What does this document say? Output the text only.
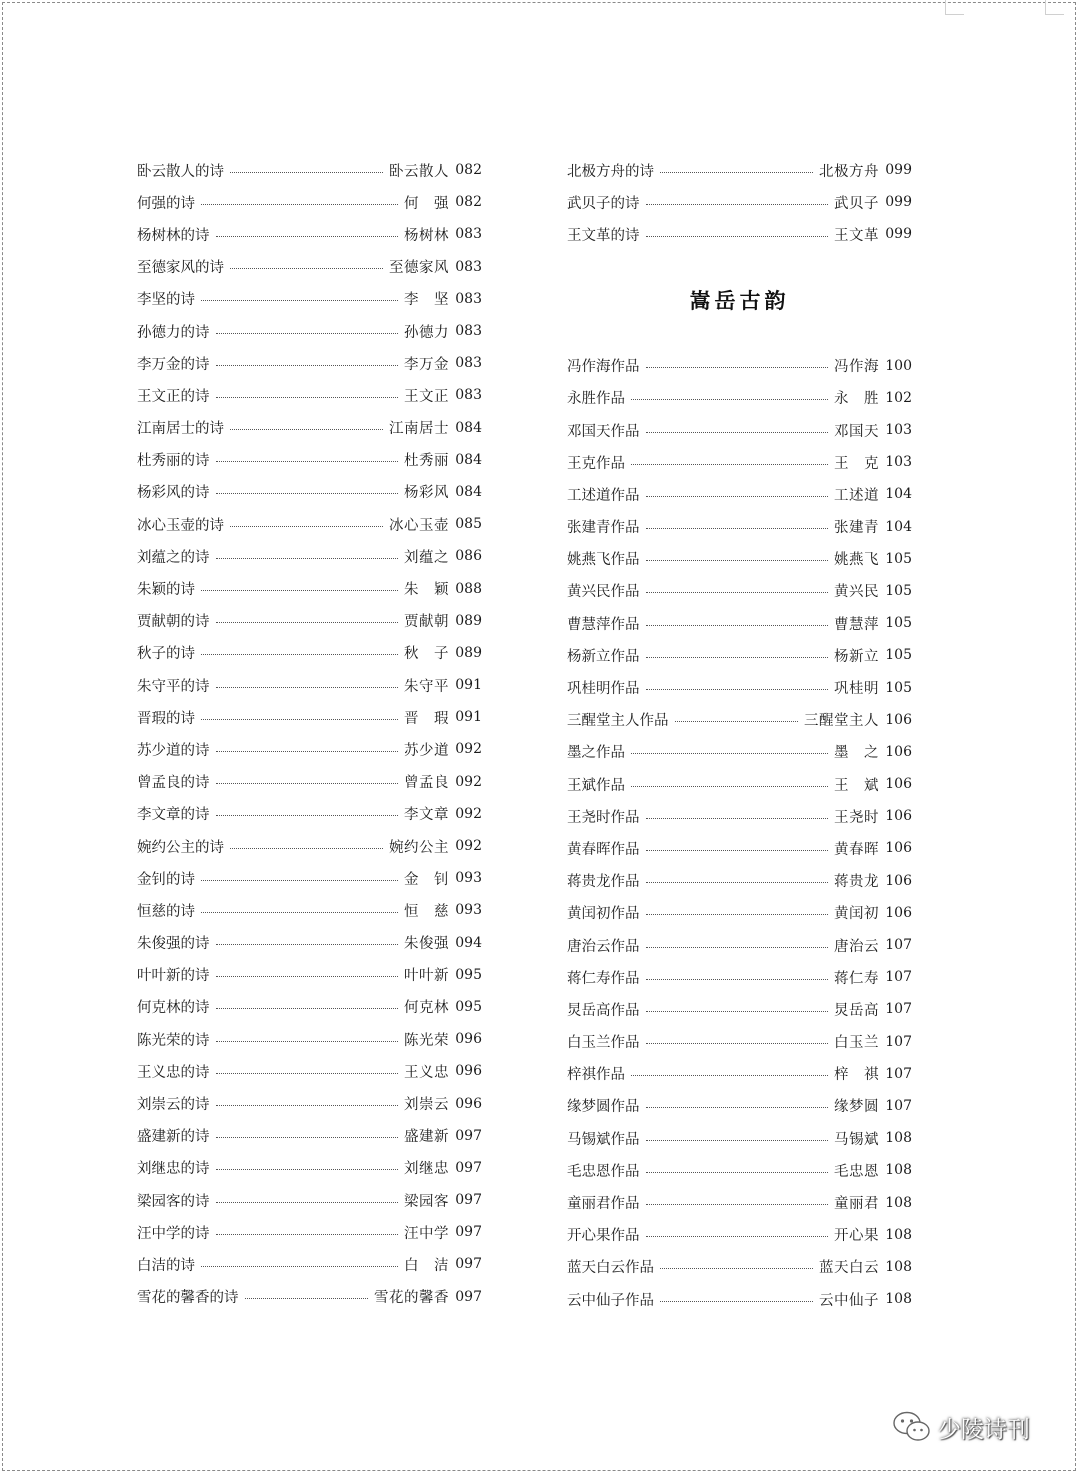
卧云散人的诗	卧云散人 082
何强的诗	何　强 082
杨树林的诗	杨树林 083
至德家风的诗	至德家风 083
李坚的诗	李　坚 083
孙德力的诗	孙德力 083
李万金的诗	李万金 083
王文正的诗	王文正 083
江南居士的诗	江南居士 084
杜秀丽的诗	杜秀丽 084
杨彩风的诗	杨彩风 084
冰心玉壶的诗	冰心玉壶 085
刘蕴之的诗	刘蕴之 086
朱颖的诗	朱　颖 088
贾献朝的诗	贾献朝 089
秋子的诗	秋　子 089
朱守平的诗	朱守平 091
晋瑕的诗	晋　瑕 091
苏少道的诗	苏少道 092
曾孟良的诗	曾孟良 092
李文章的诗	李文章 092
婉约公主的诗	婉约公主 092
金钊的诗	金　钊 093
恒慈的诗	恒　慈 093
朱俊强的诗	朱俊强 094
叶叶新的诗	叶叶新 095
何克林的诗	何克林 095
陈光荣的诗	陈光荣 096
王义忠的诗	王义忠 096
刘崇云的诗	刘崇云 096
盛建新的诗	盛建新 097
刘继忠的诗	刘继忠 097
梁园客的诗	梁园客 097
汪中学的诗	汪中学 097
白洁的诗	白　洁 097
雪花的馨香的诗	雪花的馨香 097
北极方舟的诗	北极方舟 099
武贝子的诗	武贝子 099
王文革的诗	王文革 099
嵩岳古韵
冯作海作品	冯作海 100
永胜作品	永　胜 102
邓国天作品	邓国天 103
王克作品	王　克 103
工述道作品	工述道 104
张建青作品	张建青 104
姚燕飞作品	姚燕飞 105
黄兴民作品	黄兴民 105
曹慧萍作品	曹慧萍 105
杨新立作品	杨新立 105
巩桂明作品	巩桂明 105
三醒堂主人作品	三醒堂主人 106
墨之作品	墨　之 106
王斌作品	王　斌 106
王尧时作品	王尧时 106
黄春晖作品	黄春晖 106
蒋贵龙作品	蒋贵龙 106
黄闰初作品	黄闰初 106
唐治云作品	唐治云 107
蒋仁寿作品	蒋仁寿 107
炅岳高作品	炅岳高 107
白玉兰作品	白玉兰 107
梓祺作品	梓　祺 107
缘梦圆作品	缘梦圆 107
马锡斌作品	马锡斌 108
毛忠恩作品	毛忠恩 108
童丽君作品	童丽君 108
开心果作品	开心果 108
蓝天白云作品	蓝天白云 108
云中仙子作品	云中仙子 108
少陵诗刊
